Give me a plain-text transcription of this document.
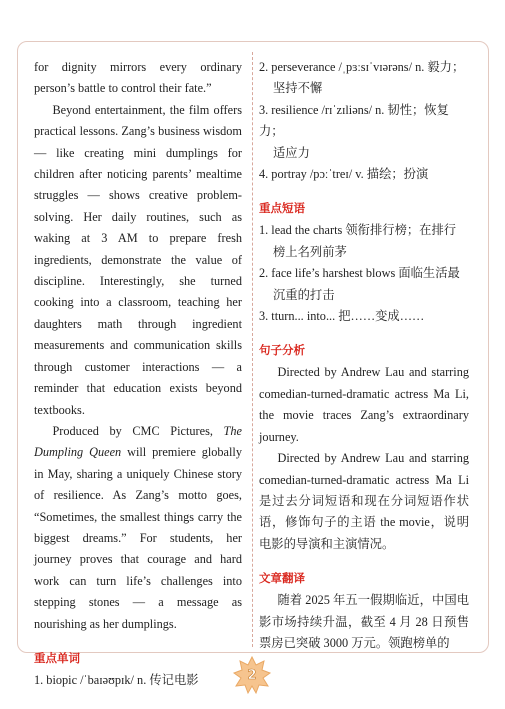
for dignity mirrors every ordinary person’s battle to control their fate.”

Beyond entertainment, the film offers practical lessons. Zang’s business wisdom — like creating mini dumplings for children after noticing parents’ mealtime struggles — shows creative problem-solving. Her daily routines, such as waking at 3 AM to prepare fresh ingredients, demonstrate the value of discipline. Interestingly, she turned cooking into a classroom, teaching her daughters math through ingredient measurements and communication skills through customer interactions — a reminder that education exists beyond textbooks.

Produced by CMC Pictures, The Dumpling Queen will premiere globally in May, sharing a uniquely Chinese story of resilience. As Zang’s motto goes, “Sometimes, the smallest things carry the biggest dreams.” For students, her journey proves that courage and hard work can turn life’s challenges into stepping stones — a message as nourishing as her dumplings.

重点单词

1. biopic /ˈbaɪəʊpɪk/ n. 传记电影

2. perseverance /ˌpɜːsɪˈvɪərəns/ n. 毅力；
坚持不懈

3. resilience /rɪˈzɪliəns/ n. 韧性；恢复力；
适应力

4. portray /pɔːˈtreɪ/ v. 描绘；扮演

重点短语

1. lead the charts 领衔排行榜；在排行
榜上名列前茅

2. face life’s harshest blows 面临生活最
沉重的打击

3. tturn... into... 把……变成……

句子分析

Directed by Andrew Lau and starring comedian-turned-dramatic actress Ma Li, the movie traces Zang’s extraordinary journey.

Directed by Andrew Lau and starring comedian-turned-dramatic actress Ma Li 是过去分词短语和现在分词短语作状语，修饰句子的主语 the movie，说明电影的导演和主演情况。

文章翻译

随着 2025 年五一假期临近，中国电影市场持续升温，截至 4 月 28 日预售票房已突破 3000 万元。领跑榜单的

2
